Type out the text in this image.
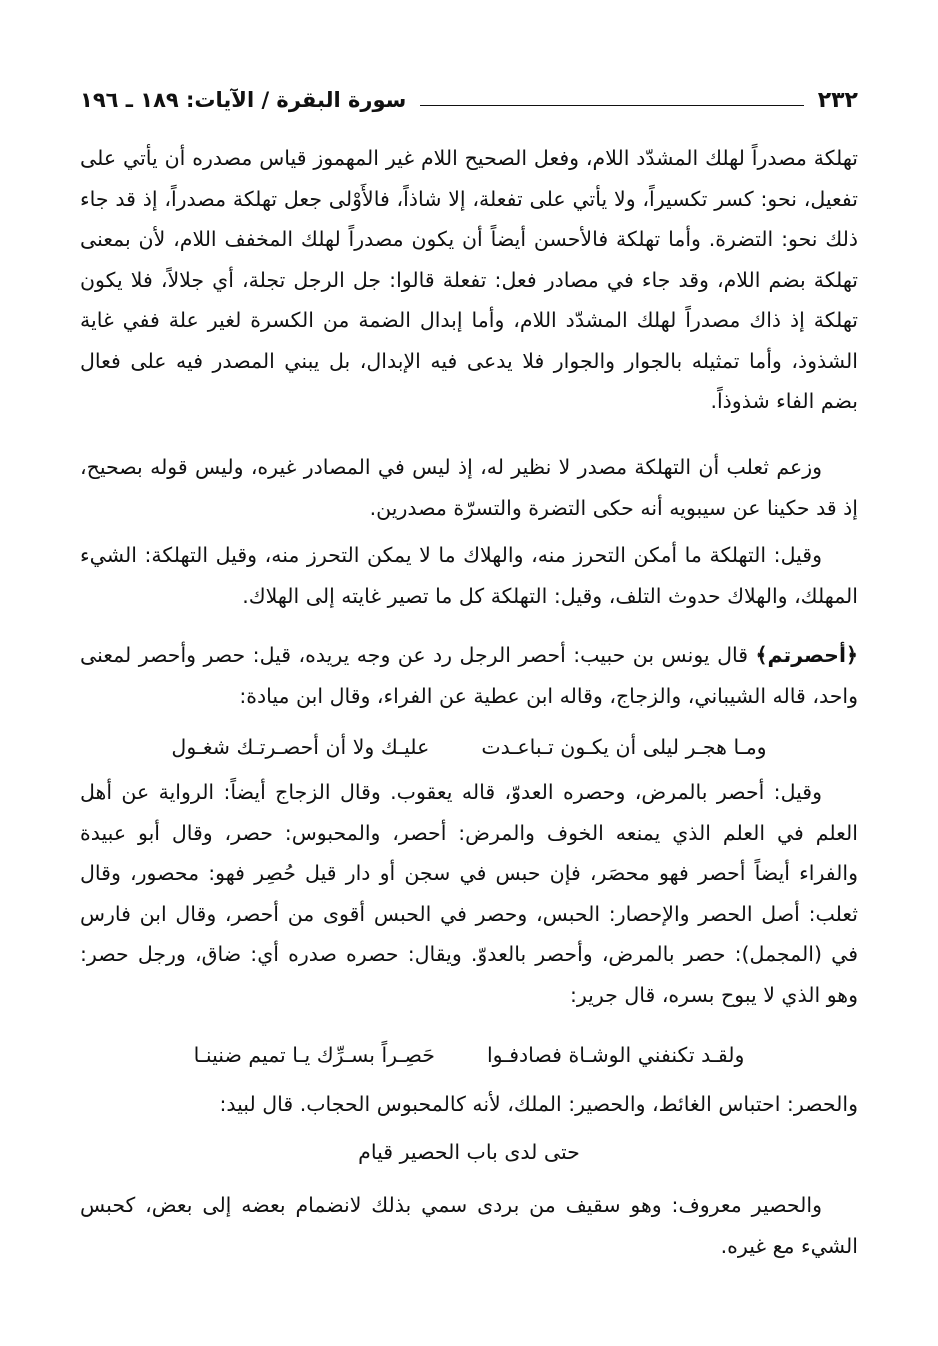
٢٣٢
سورة البقرة / الآيات: ١٨٩ ـ ١٩٦

تهلكة مصدراً لهلك المشدّد اللام، وفعل الصحيح اللام غير المهموز قياس مصدره أن يأتي على تفعيل، نحو: كسر تكسيراً، ولا يأتي على تفعلة، إلا شاذاً، فالأَوْلى جعل تهلكة مصدراً، إذ قد جاء ذلك نحو: التضرة. وأما تهلكة فالأحسن أيضاً أن يكون مصدراً لهلك المخفف اللام، لأن بمعنى تهلكة بضم اللام، وقد جاء في مصادر فعل: تفعلة قالوا: جل الرجل تجلة، أي جلالاً، فلا يكون تهلكة إذ ذاك مصدراً لهلك المشدّد اللام، وأما إبدال الضمة من الكسرة لغير علة ففي غاية الشذوذ، وأما تمثيله بالجوار والجوار فلا يدعى فيه الإبدال، بل يبني المصدر فيه على فعال بضم الفاء شذوذاً.

وزعم ثعلب أن التهلكة مصدر لا نظير له، إذ ليس في المصادر غيره، وليس قوله بصحيح، إذ قد حكينا عن سيبويه أنه حكى التضرة والتسرّة مصدرين.

وقيل: التهلكة ما أمكن التحرز منه، والهلاك ما لا يمكن التحرز منه، وقيل التهلكة: الشيء المهلك، والهلاك حدوث التلف، وقيل: التهلكة كل ما تصير غايته إلى الهلاك.

﴿أحصرتم﴾ قال يونس بن حبيب: أحصر الرجل رد عن وجه يريده، قيل: حصر وأحصر لمعنى واحد، قاله الشيباني، والزجاج، وقاله ابن عطية عن الفراء، وقال ابن ميادة:

ومـا هجـر ليلى أن يكـون تـباعـدت
عليـك ولا أن أحصـرتـك شغـول

وقيل: أحصر بالمرض، وحصره العدوّ، قاله يعقوب. وقال الزجاج أيضاً: الرواية عن أهل العلم في العلم الذي يمنعه الخوف والمرض: أحصر، والمحبوس: حصر، وقال أبو عبيدة والفراء أيضاً أحصر فهو محصَر، فإن حبس في سجن أو دار قيل حُصِر فهو: محصور، وقال ثعلب: أصل الحصر والإحصار: الحبس، وحصر في الحبس أقوى من أحصر، وقال ابن فارس في (المجمل): حصر بالمرض، وأحصر بالعدوّ. ويقال: حصره صدره أي: ضاق، ورجل حصر: وهو الذي لا يبوح بسره، قال جرير:

ولقـد تكنفني الوشـاة فصادفـوا
حَصِـراً بسـرِّك يـا تميم ضنينـا

والحصر: احتباس الغائط، والحصير: الملك، لأنه كالمحبوس الحجاب. قال لبيد:

حتى لدى باب الحصير قيام

والحصير معروف: وهو سقيف من بردى سمي بذلك لانضمام بعضه إلى بعض، كحبس الشيء مع غيره.
